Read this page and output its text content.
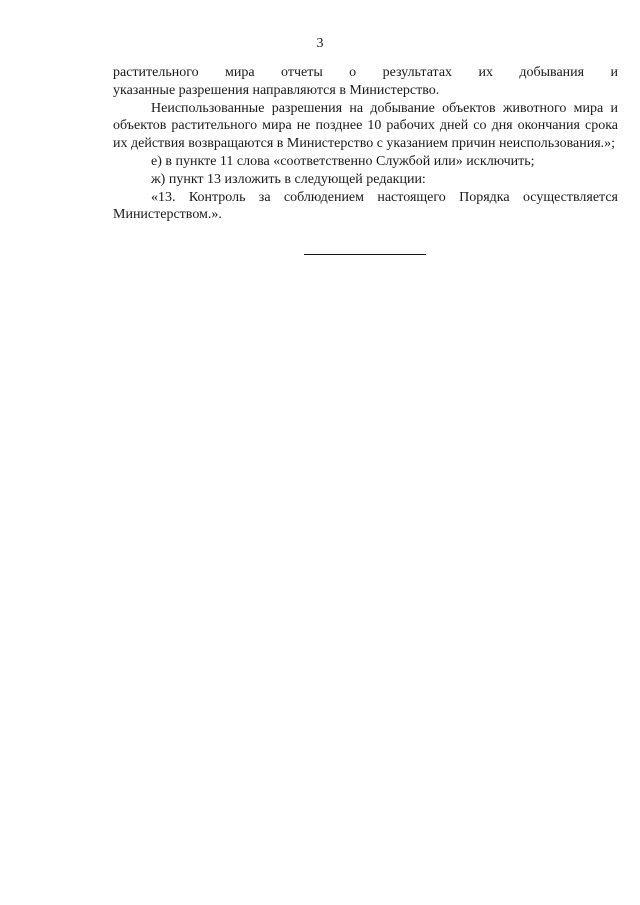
3

растительного мира отчеты о результатах их добывания и

указанные разрешения направляются в Министерство.

Неиспользованные разрешения на добывание объектов животного мира и объектов растительного мира не позднее 10 рабочих дней со дня окончания срока их действия возвращаются в Министерство с указанием причин неиспользования.»;

е) в пункте 11 слова «соответственно Службой или» исключить;

ж) пункт 13 изложить в следующей редакции:

«13. Контроль за соблюдением настоящего Порядка осуществляется Министерством.».
